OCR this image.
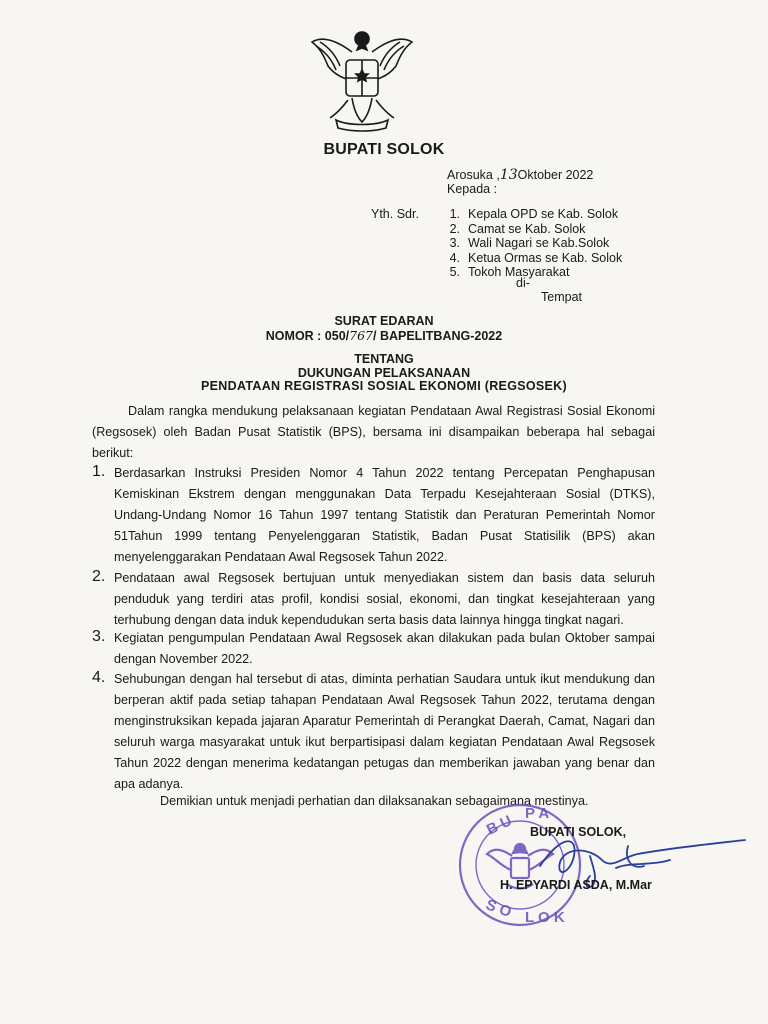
BUPATI SOLOK
Arosuka ,13Oktober 2022
Kepada :
Yth. Sdr.	1. Kepala OPD se Kab. Solok
2. Camat se Kab. Solok
3. Wali Nagari se Kab.Solok
4. Ketua Ormas se Kab. Solok
5. Tokoh Masyarakat
di-
Tempat
SURAT EDARAN
NOMOR : 050/767/ BAPELITBANG-2022
TENTANG
DUKUNGAN PELAKSANAAN
PENDATAAN REGISTRASI SOSIAL EKONOMI (REGSOSEK)
Dalam rangka mendukung pelaksanaan kegiatan Pendataan Awal Registrasi Sosial Ekonomi (Regsosek) oleh Badan Pusat Statistik (BPS), bersama ini disampaikan beberapa hal sebagai berikut:
1. Berdasarkan Instruksi Presiden Nomor 4 Tahun 2022 tentang Percepatan Penghapusan Kemiskinan Ekstrem dengan menggunakan Data Terpadu Kesejahteraan Sosial (DTKS), Undang-Undang Nomor 16 Tahun 1997 tentang Statistik dan Peraturan Pemerintah Nomor 51Tahun 1999 tentang Penyelenggaran Statistik, Badan Pusat Statisilik (BPS) akan menyelenggarakan Pendataan Awal Regsosek Tahun 2022.
2. Pendataan awal Regsosek bertujuan untuk menyediakan sistem dan basis data seluruh penduduk yang terdiri atas profil, kondisi sosial, ekonomi, dan tingkat kesejahteraan yang terhubung dengan data induk kependudukan serta basis data lainnya hingga tingkat nagari.
3. Kegiatan pengumpulan Pendataan Awal Regsosek akan dilakukan pada bulan Oktober sampai dengan November 2022.
4. Sehubungan dengan hal tersebut di atas, diminta perhatian Saudara untuk ikut mendukung dan berperan aktif pada setiap tahapan Pendataan Awal Regsosek Tahun 2022, terutama dengan menginstruksikan kepada jajaran Aparatur Pemerintah di Perangkat Daerah, Camat, Nagari dan seluruh warga masyarakat untuk ikut berpartisipasi dalam kegiatan Pendataan Awal Regsosek Tahun 2022 dengan menerima kedatangan petugas dan memberikan jawaban yang benar dan apa adanya.
Demikian untuk menjadi perhatian dan dilaksanakan sebagaimana mestinya.
B U P A
S O L O K
BUPATI SOLOK,
H. EPYARDI ASDA, M.Mar
